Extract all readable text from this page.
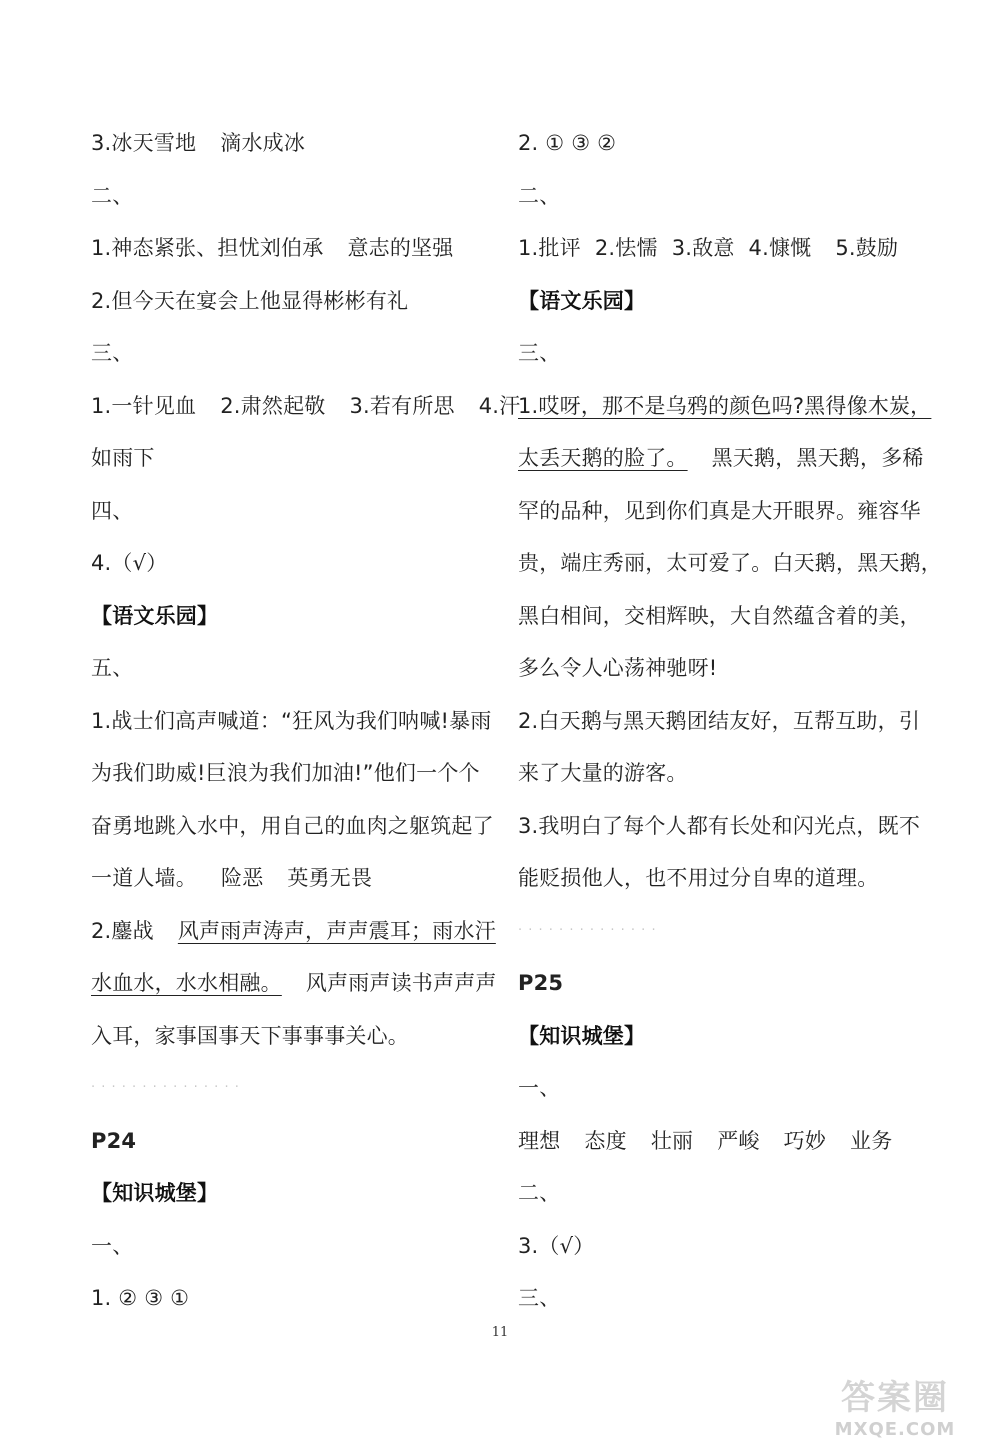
3.冰天雪地 滴水成冰
二、
1.神态紧张、担忧刘伯承 意志的坚强
2.但今天在宴会上他显得彬彬有礼
三、
1.一针见血 2.肃然起敬 3.若有所思 4.汗
如雨下
四、
4.（√）
【语文乐园】
五、
1.战士们高声喊道：“狂风为我们呐喊!暴雨
为我们助威!巨浪为我们加油!”他们一个个
奋勇地跳入水中，用自己的血肉之躯筑起了
一道人墙。 险恶 英勇无畏
2.鏖战 风声雨声涛声，声声震耳；雨水汗
水血水，水水相融。 风声雨声读书声声声
入耳，家事国事天下事事事关心。
· · · · · · · · · · · · · · ·
P24
【知识城堡】
一、
1. ② ③ ①
2. ① ③ ②
二、
1.批评 2.怯懦 3.敌意 4.慷慨 5.鼓励
【语文乐园】
三、
1.哎呀，那不是乌鸦的颜色吗?黑得像木炭，
太丢天鹅的脸了。 黑天鹅，黑天鹅，多稀
罕的品种，见到你们真是大开眼界。雍容华
贵，端庄秀丽，太可爱了。白天鹅，黑天鹅，
黑白相间，交相辉映，大自然蕴含着的美，
多么令人心荡神驰呀!
2.白天鹅与黑天鹅团结友好，互帮互助，引
来了大量的游客。
3.我明白了每个人都有长处和闪光点，既不
能贬损他人，也不用过分自卑的道理。
· · · · · · · · · · · · · ·
P25
【知识城堡】
一、
理想 态度 壮丽 严峻 巧妙 业务
二、
3.（√）
三、
11
答案圈
MXQE.COM
